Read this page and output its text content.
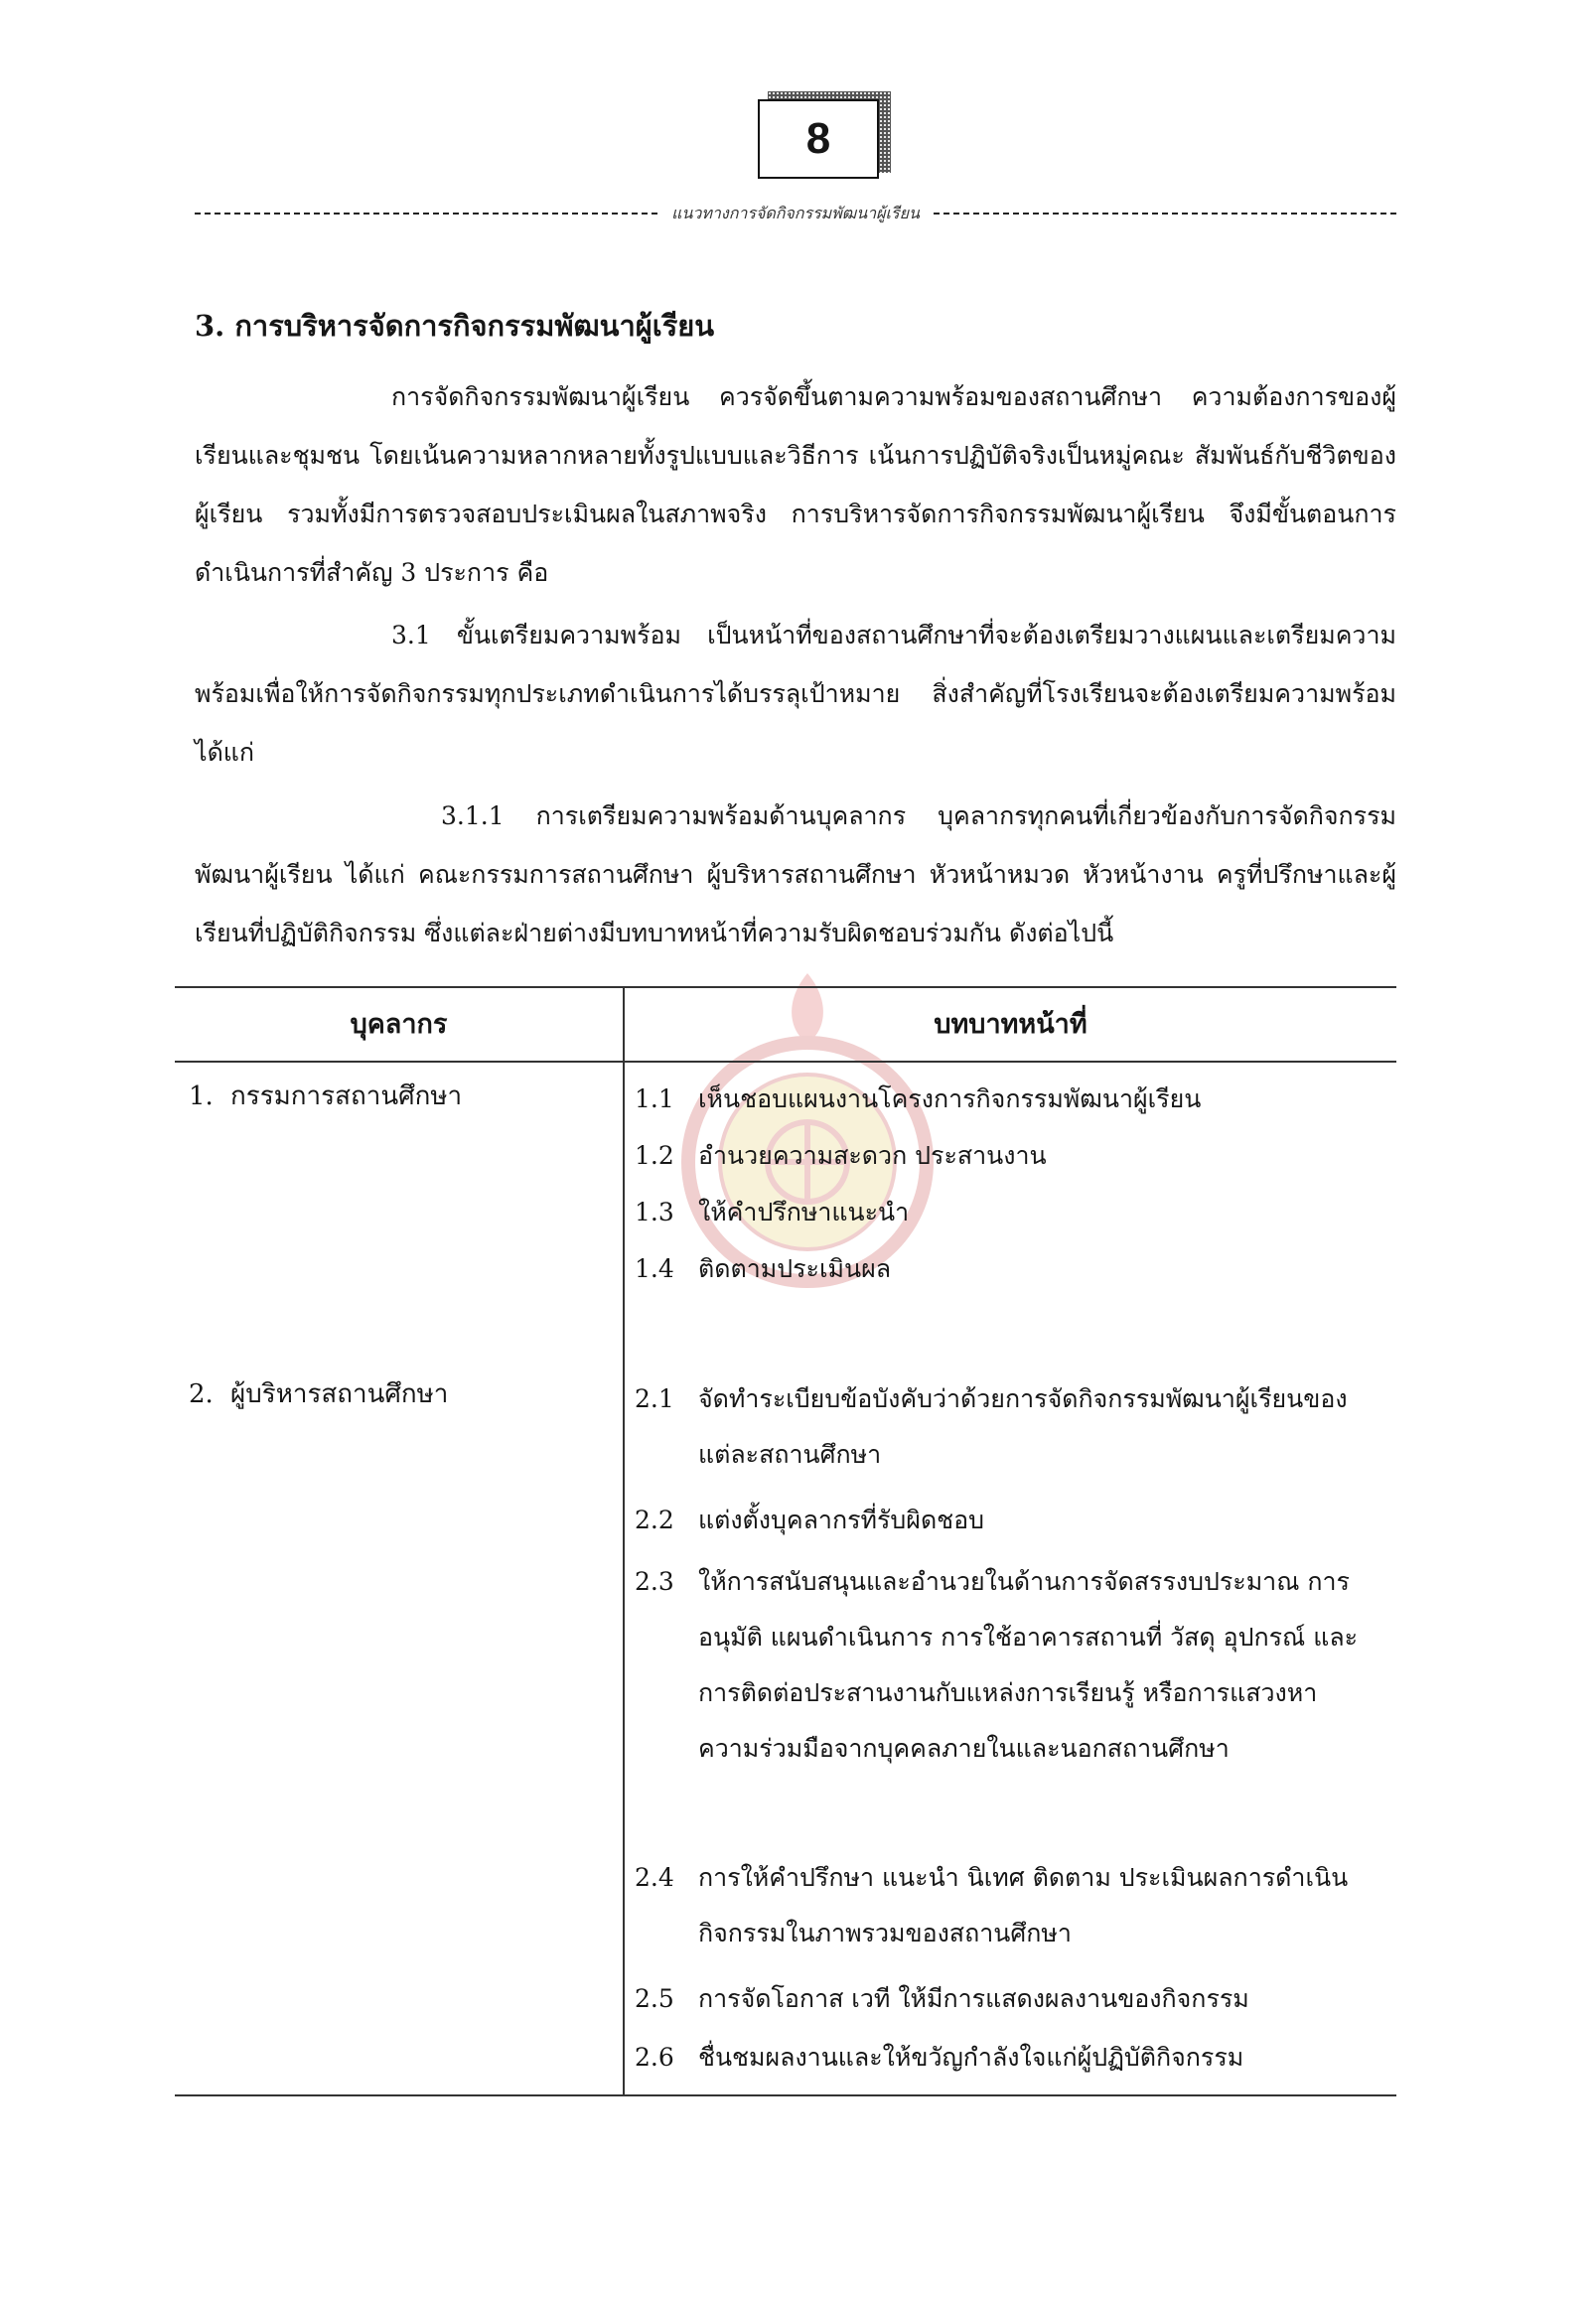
8
แนวทางการจัดกิจกรรมพัฒนาผู้เรียน
3. การบริหารจัดการกิจกรรมพัฒนาผู้เรียน
การจัดกิจกรรมพัฒนาผู้เรียน ควรจัดขึ้นตามความพร้อมของสถานศึกษา ความต้องการของผู้เรียนและชุมชน โดยเน้นความหลากหลายทั้งรูปแบบและวิธีการ เน้นการปฏิบัติจริงเป็นหมู่คณะ สัมพันธ์กับชีวิตของผู้เรียน รวมทั้งมีการตรวจสอบประเมินผลในสภาพจริง การบริหารจัดการกิจกรรมพัฒนาผู้เรียน จึงมีขั้นตอนการดำเนินการที่สำคัญ 3 ประการ คือ
3.1 ขั้นเตรียมความพร้อม เป็นหน้าที่ของสถานศึกษาที่จะต้องเตรียมวางแผนและเตรียมความพร้อมเพื่อให้การจัดกิจกรรมทุกประเภทดำเนินการได้บรรลุเป้าหมาย สิ่งสำคัญที่โรงเรียนจะต้องเตรียมความพร้อมได้แก่
3.1.1 การเตรียมความพร้อมด้านบุคลากร บุคลากรทุกคนที่เกี่ยวข้องกับการจัดกิจกรรม พัฒนาผู้เรียน ได้แก่ คณะกรรมการสถานศึกษา ผู้บริหารสถานศึกษา หัวหน้าหมวด หัวหน้างาน ครูที่ปรึกษาและผู้เรียนที่ปฏิบัติกิจกรรม ซึ่งแต่ละฝ่ายต่างมีบทบาทหน้าที่ความรับผิดชอบร่วมกัน ดังต่อไปนี้
บุคลากร	บทบาทหน้าที่
1. กรรมการสถานศึกษา	1.1 เห็นชอบแผนงานโครงการกิจกรรมพัฒนาผู้เรียน
1.2 อำนวยความสะดวก ประสานงาน
1.3 ให้คำปรึกษาแนะนำ
1.4 ติดตามประเมินผล
2. ผู้บริหารสถานศึกษา	2.1 จัดทำระเบียบข้อบังคับว่าด้วยการจัดกิจกรรมพัฒนาผู้เรียนของแต่ละสถานศึกษา
2.2 แต่งตั้งบุคลากรที่รับผิดชอบ
2.3 ให้การสนับสนุนและอำนวยในด้านการจัดสรรงบประมาณ การอนุมัติ แผนดำเนินการ การใช้อาคารสถานที่ วัสดุ อุปกรณ์ และการติดต่อประสานงานกับแหล่งการเรียนรู้ หรือการแสวงหาความร่วมมือจากบุคคลภายในและนอกสถานศึกษา
2.4 การให้คำปรึกษา แนะนำ นิเทศ ติดตาม ประเมินผลการดำเนินกิจกรรมในภาพรวมของสถานศึกษา
2.5 การจัดโอกาส เวที ให้มีการแสดงผลงานของกิจกรรม
2.6 ชื่นชมผลงานและให้ขวัญกำลังใจแก่ผู้ปฏิบัติกิจกรรม
